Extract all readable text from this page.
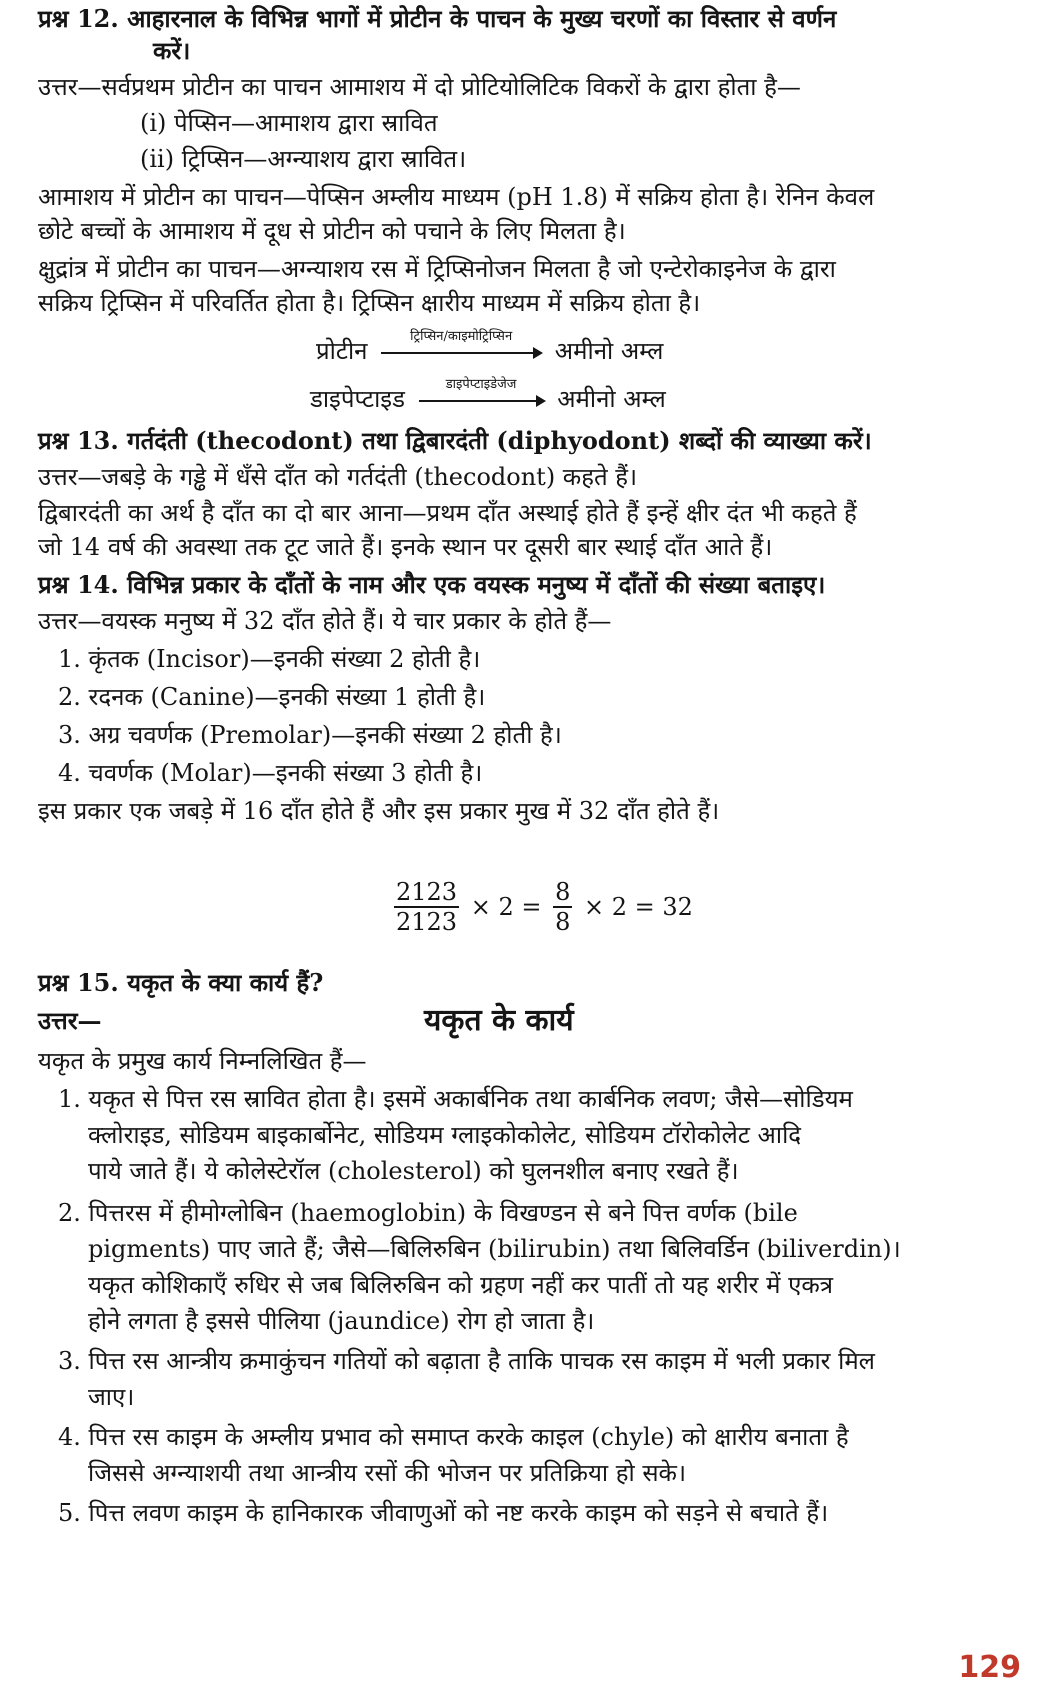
प्रश्न 12. आहारनाल के विभिन्न भागों में प्रोटीन के पाचन के मुख्य चरणों का विस्तार से वर्णन
करें।
उत्तर—सर्वप्रथम प्रोटीन का पाचन आमाशय में दो प्रोटियोलिटिक विकरों के द्वारा होता है—
(i) पेप्सिन—आमाशय द्वारा स्रावित
(ii) ट्रिप्सिन—अग्न्याशय द्वारा स्रावित।
आमाशय में प्रोटीन का पाचन—पेप्सिन अम्लीय माध्यम (pH 1.8) में सक्रिय होता है। रेनिन केवल
छोटे बच्चों के आमाशय में दूध से प्रोटीन को पचाने के लिए मिलता है।
क्षुद्रांत्र में प्रोटीन का पाचन—अग्न्याशय रस में ट्रिप्सिनोजन मिलता है जो एन्टेरोकाइनेज के द्वारा
सक्रिय ट्रिप्सिन में परिवर्तित होता है। ट्रिप्सिन क्षारीय माध्यम में सक्रिय होता है।
प्रोटीन
ट्रिप्सिन/काइमोट्रिप्सिन
अमीनो अम्ल
डाइपेप्टाइड
डाइपेप्टाइडेजेज
अमीनो अम्ल
प्रश्न 13. गर्तदंती (thecodont) तथा द्विबारदंती (diphyodont) शब्दों की व्याख्या करें।
उत्तर—जबड़े के गड्ढे में धँसे दाँत को गर्तदंती (thecodont) कहते हैं।
द्विबारदंती का अर्थ है दाँत का दो बार आना—प्रथम दाँत अस्थाई होते हैं इन्हें क्षीर दंत भी कहते हैं
जो 14 वर्ष की अवस्था तक टूट जाते हैं। इनके स्थान पर दूसरी बार स्थाई दाँत आते हैं।
प्रश्न 14. विभिन्न प्रकार के दाँतों के नाम और एक वयस्क मनुष्य में दाँतों की संख्या बताइए।
उत्तर—वयस्क मनुष्य में 32 दाँत होते हैं। ये चार प्रकार के होते हैं—
1. कृंतक (Incisor)—इनकी संख्या 2 होती है।
2. रदनक (Canine)—इनकी संख्या 1 होती है।
3. अग्र चवर्णक (Premolar)—इनकी संख्या 2 होती है।
4. चवर्णक (Molar)—इनकी संख्या 3 होती है।
इस प्रकार एक जबड़े में 16 दाँत होते हैं और इस प्रकार मुख में 32 दाँत होते हैं।
$\frac{2123}{2123} \times 2 = \frac{8}{8} \times 2 = 32$
प्रश्न 15. यकृत के क्या कार्य हैं?
उत्तर—	यकृत के कार्य
यकृत के प्रमुख कार्य निम्नलिखित हैं—
1. यकृत से पित्त रस स्रावित होता है। इसमें अकार्बनिक तथा कार्बनिक लवण; जैसे—सोडियम
क्लोराइड, सोडियम बाइकार्बोनेट, सोडियम ग्लाइकोकोलेट, सोडियम टॉरोकोलेट आदि
पाये जाते हैं। ये कोलेस्टेरॉल (cholesterol) को घुलनशील बनाए रखते हैं।
2. पित्तरस में हीमोग्लोबिन (haemoglobin) के विखण्डन से बने पित्त वर्णक (bile
pigments) पाए जाते हैं; जैसे—बिलिरुबिन (bilirubin) तथा बिलिवर्डिन (biliverdin)।
यकृत कोशिकाएँ रुधिर से जब बिलिरुबिन को ग्रहण नहीं कर पातीं तो यह शरीर में एकत्र
होने लगता है इससे पीलिया (jaundice) रोग हो जाता है।
3. पित्त रस आन्त्रीय क्रमाकुंचन गतियों को बढ़ाता है ताकि पाचक रस काइम में भली प्रकार मिल
जाए।
4. पित्त रस काइम के अम्लीय प्रभाव को समाप्त करके काइल (chyle) को क्षारीय बनाता है
जिससे अग्न्याशयी तथा आन्त्रीय रसों की भोजन पर प्रतिक्रिया हो सके।
5. पित्त लवण काइम के हानिकारक जीवाणुओं को नष्ट करके काइम को सड़ने से बचाते हैं।
129
